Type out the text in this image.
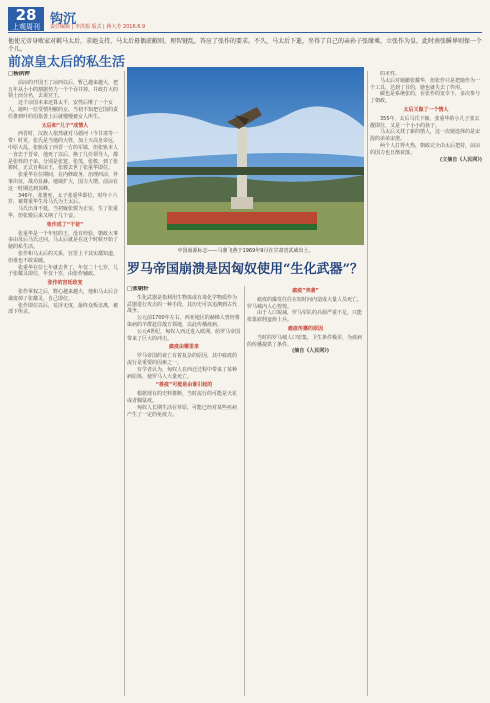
28
上观周刊 钩沉
责任编辑 | 李洪根 版式 | 蒋大芳 2016.6.9
他使元帝身败家对羁马太后，求她支持，马太后毋偶虚敝则，理智键乱，答应了张作的要求。不久，马太后下逝，坐得了自己的亲孙子张缘乘，立张作为皇，此时南张瞬界则保一个个儿。
前凉皇太后的私生活
□杨夙钟

前凉的开国王了凉西以后，暂己越来越大，把五年从小小的割据势力一个个吞并掉。并政打大的领土而分名，去说宫王。

这个凉国本来还算太平，安然后继了一个女人，她叫一位受情坦敝的女，当初不知把它国的责任推到叶的伯指善上后就慢慢被女人所生。

太后和“儿子”成情人

西晋时，汉族人依然就对马德河（今甘肃等一带）时更，张氏是当地的大姓，加上天高皇帝远，中原大乱。张轨成了西晋一方的军镇，但张轨本人一直忠于晋帝，他死了以后，换了几任领导人，都是张姓的子弟。分别是张寔，张茂，张骏，到了张骏时，正式自称凉王，张骏去世了张重华即位。

张重华在位期间，在内修政务，治理西凉，外事出征，战功显赫。地域扩大，国力大增。前凉在这一时期达到顶峰。

346年，张骏死，太子张重华即位，时年十六岁，被尊重华生母马氏为王太后。

马氏出身不低，当初嫁张骏为正室，生了张重华，但张骏后来又纳了几个妾。

张作成了“干爸”

张重华是一个年轻的王，没有经验，朝政大事多由母后马氏过问，马太后就是在这个时候开始了她的私生活。

张作和马太后的关系，宫里上下其实都知道，但谁也不敢说破。

张重华在位七年就去世了，年仅二十七岁，儿子张耀灵即位，年仅十岁，由张作辅政。

张作的宫廷政变

张作掌权之后，野心越来越大，他和马太后合谋废掉了张耀灵，自己即位。

张作即位以后，荒淫无度，最终众叛亲离，被部下所杀。

中国商源标志——马鼎飞燕于1969年9月在甘肃省武威出土。
罗马帝国崩溃是因匈奴使用“生化武器”？
□张朝轩

生化武器是指利用生物体或有毒化学物质作为武器进行攻击的一种手段，其历史可以追溯到古代战争。

公元前1700年左右，西亚地区的赫梯人曾经将染病的羊群赶往敌方领地，以此传播疫病。

公元4世纪，匈奴人西迁进入欧洲，给罗马帝国带来了巨大的冲击。

瘟疫由哪里来

罗马帝国的衰亡有着复杂的原因，其中瘟疫的流行是重要的因素之一。

有学者认为，匈奴人在西迁过程中带来了某种病原体，使罗马人大量死亡。

“兽疫”可能是由谁引起的

根据现有的史料推断，当时流行的可能是天花或者腺鼠疫。

匈奴人长期生活在草原，可能已经对某些疾病产生了一定的免疫力。

瘟疫“突袭”

瘟疫的爆发往往在短时间内造成大量人员死亡，罗马城内人心惶惶。

由于人口锐减，罗马军队的兵源严重不足，只能依靠雇佣蛮族士兵。

瘟疫传播的原因

当时的罗马城人口密集，卫生条件极差，为疫病的传播提供了条件。

(摘自《人民网》)

的本性。

马太后对她撤张耀华，但张作只是把她作为一个工具，达到了目的，她也就失去了作用。

碳也是系统张的，在张作的宠幸下，多次参与了朝政。

太后又做了一个情人

355年，太后马氏下嫁，张重华的小儿子张玄靓即位，又是一个小小的孩子。

马太后又找了新的情人，这一次她选择的是宋混的弟弟宋澄。

两个人打得火热，朝政完全由太后把持，前凉的国力也日渐衰落。

(文摘自《人民网》)
